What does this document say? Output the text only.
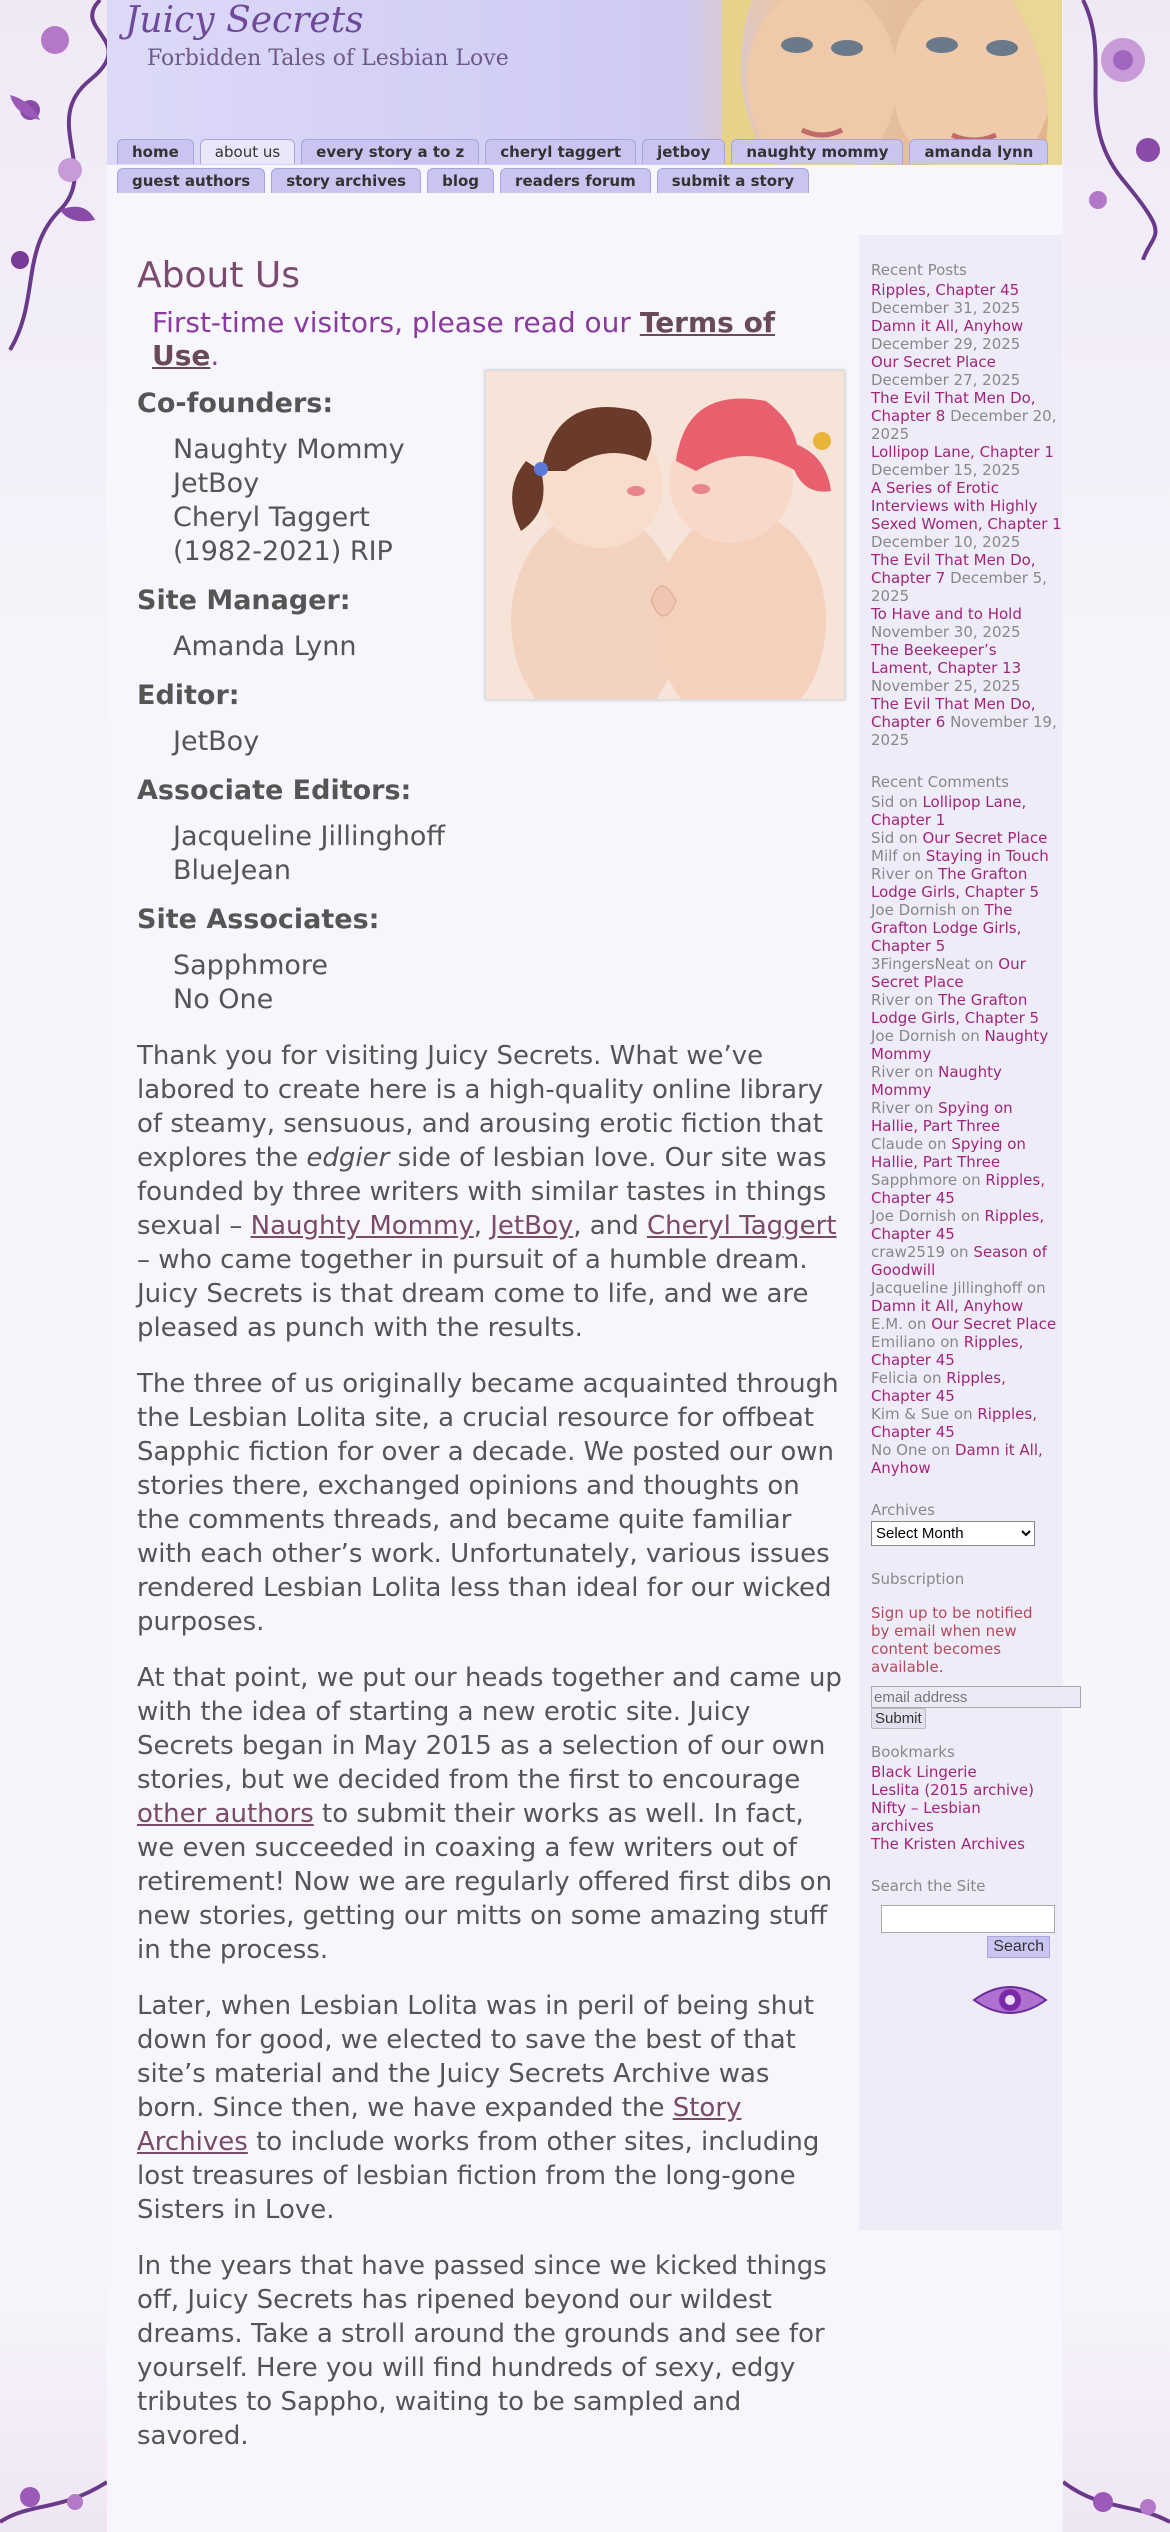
Juicy Secrets
Forbidden Tales of Lesbian Love
home	about us	every story a to z	cheryl taggert	jetboy	naughty mommy	amanda lynn
guest authors	story archives	blog	readers forum	submit a story
About Us
First-time visitors, please read our Terms of Use.
Co-founders:
Naughty Mommy
JetBoy
Cheryl Taggert
(1982-2021) RIP
Site Manager:
Amanda Lynn
Editor:
JetBoy
Associate Editors:
Jacqueline Jillinghoff
BlueJean
Site Associates:
Sapphmore
No One

Thank you for visiting Juicy Secrets. What we’ve labored to create here is a high-quality online library of steamy, sensuous, and arousing erotic fiction that explores the edgier side of lesbian love. Our site was founded by three writers with similar tastes in things sexual – Naughty Mommy, JetBoy, and Cheryl Taggert – who came together in pursuit of a humble dream. Juicy Secrets is that dream come to life, and we are pleased as punch with the results.

The three of us originally became acquainted through the Lesbian Lolita site, a crucial resource for offbeat Sapphic fiction for over a decade. We posted our own stories there, exchanged opinions and thoughts on the comments threads, and became quite familiar with each other’s work. Unfortunately, various issues rendered Lesbian Lolita less than ideal for our wicked purposes.

At that point, we put our heads together and came up with the idea of starting a new erotic site. Juicy Secrets began in May 2015 as a selection of our own stories, but we decided from the first to encourage other authors to submit their works as well. In fact, we even succeeded in coaxing a few writers out of retirement! Now we are regularly offered first dibs on new stories, getting our mitts on some amazing stuff in the process.

Later, when Lesbian Lolita was in peril of being shut down for good, we elected to save the best of that site’s material and the Juicy Secrets Archive was born. Since then, we have expanded the Story Archives to include works from other sites, including lost treasures of lesbian fiction from the long-gone Sisters in Love.

In the years that have passed since we kicked things off, Juicy Secrets has ripened beyond our wildest dreams. Take a stroll around the grounds and see for yourself. Here you will find hundreds of sexy, edgy tributes to Sappho, waiting to be sampled and savored.

Recent Posts
Ripples, Chapter 45 December 31, 2025
Damn it All, Anyhow December 29, 2025
Our Secret Place December 27, 2025
The Evil That Men Do, Chapter 8 December 20, 2025
Lollipop Lane, Chapter 1 December 15, 2025
A Series of Erotic Interviews with Highly Sexed Women, Chapter 1 December 10, 2025
The Evil That Men Do, Chapter 7 December 5, 2025
To Have and to Hold November 30, 2025
The Beekeeper’s Lament, Chapter 13 November 25, 2025
The Evil That Men Do, Chapter 6 November 19, 2025
Recent Comments
Sid on Lollipop Lane, Chapter 1
Sid on Our Secret Place
Milf on Staying in Touch
River on The Grafton Lodge Girls, Chapter 5
Joe Dornish on The Grafton Lodge Girls, Chapter 5
3FingersNeat on Our Secret Place
River on The Grafton Lodge Girls, Chapter 5
Joe Dornish on Naughty Mommy
River on Naughty Mommy
River on Spying on Hallie, Part Three
Claude on Spying on Hallie, Part Three
Sapphmore on Ripples, Chapter 45
Joe Dornish on Ripples, Chapter 45
craw2519 on Season of Goodwill
Jacqueline Jillinghoff on Damn it All, Anyhow
E.M. on Our Secret Place
Emiliano on Ripples, Chapter 45
Felicia on Ripples, Chapter 45
Kim & Sue on Ripples, Chapter 45
No One on Damn it All, Anyhow
Archives
Select Month
Subscription
Sign up to be notified by email when new content becomes available.
email address
Submit
Bookmarks
Black Lingerie
Leslita (2015 archive)
Nifty – Lesbian archives
The Kristen Archives
Search the Site
Search
